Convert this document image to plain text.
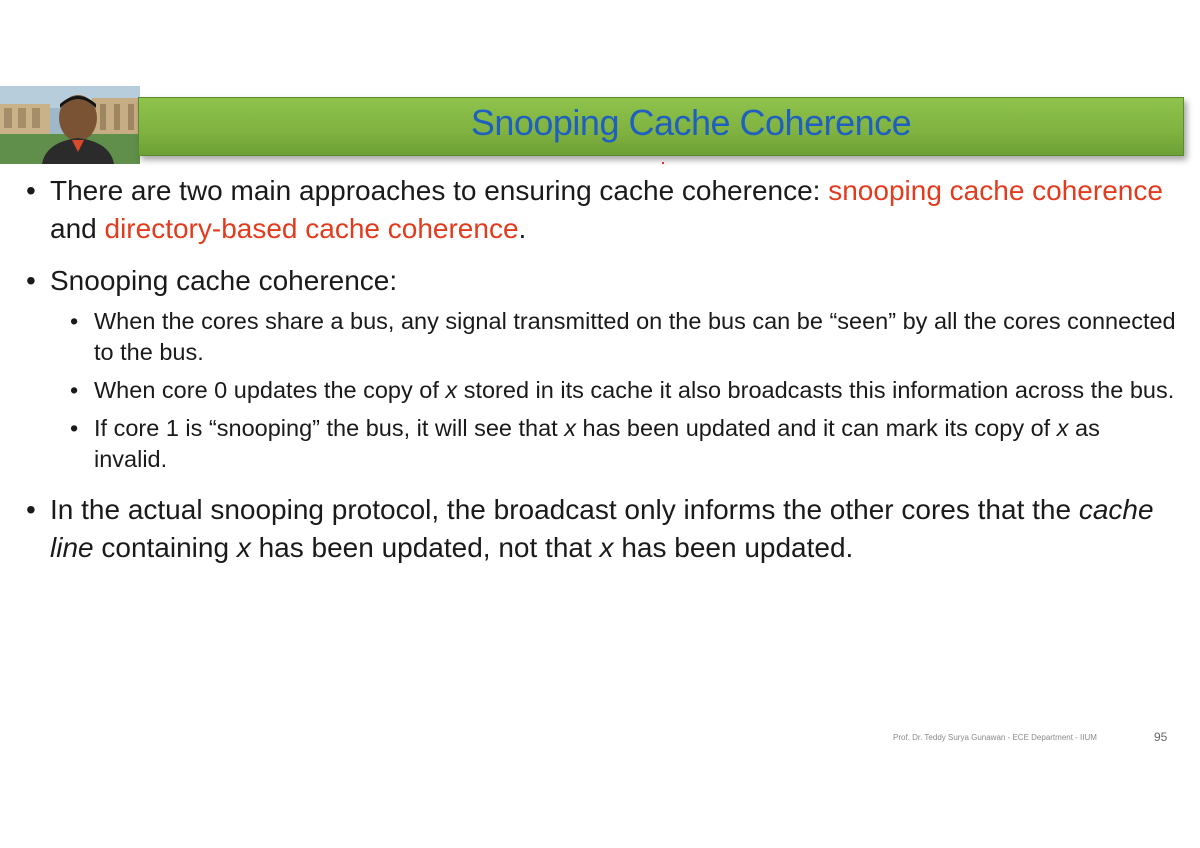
Snooping Cache Coherence
• There are two main approaches to ensuring cache coherence: snooping cache coherence and directory-based cache coherence.
• Snooping cache coherence:
• When the cores share a bus, any signal transmitted on the bus can be “seen” by all the cores connected to the bus.
• When core 0 updates the copy of x stored in its cache it also broadcasts this information across the bus.
• If core 1 is “snooping” the bus, it will see that x has been updated and it can mark its copy of x as invalid.
• In the actual snooping protocol, the broadcast only informs the other cores that the cache line containing x has been updated, not that x has been updated.
Prof. Dr. Teddy Surya Gunawan - ECE Department - IIUM	95
